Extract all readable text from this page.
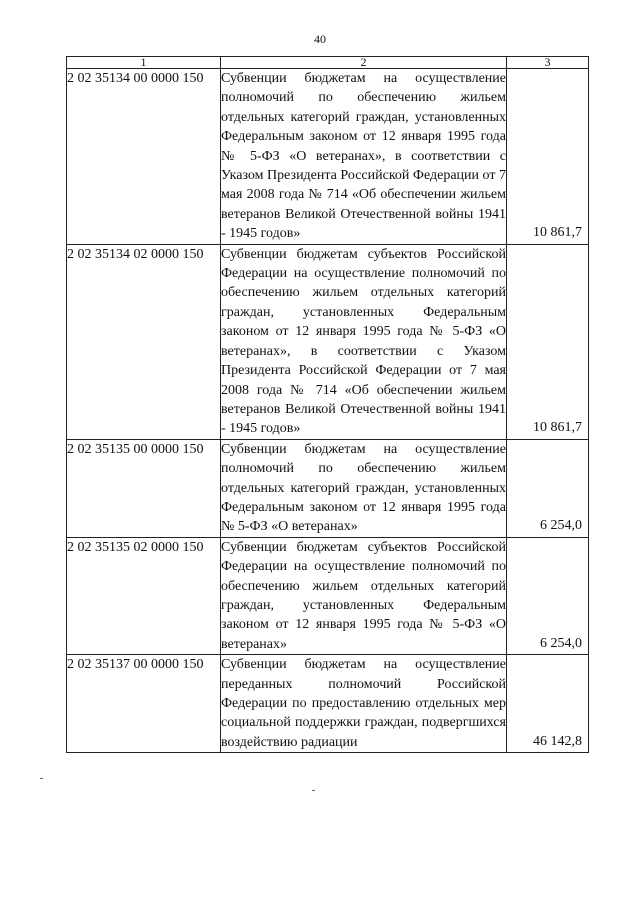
40
1	2	3
2 02 35134 00 0000 150	Субвенции бюджетам на осуществление полномочий по обеспечению жильем отдельных категорий граждан, установленных Федеральным законом от 12 января 1995 года № 5-ФЗ «О ветеранах», в соответствии с Указом Президента Российской Федерации от 7 мая 2008 года № 714 «Об обеспечении жильем ветеранов Великой Отечественной войны 1941 - 1945 годов»	10 861,7

2 02 35134 02 0000 150	Субвенции бюджетам субъектов Российской Федерации на осуществление полномочий по обеспечению жильем отдельных категорий граждан, установленных Федеральным законом от 12 января 1995 года № 5-ФЗ «О ветеранах», в соответствии с Указом Президента Российской Федерации от 7 мая 2008 года № 714 «Об обеспечении жильем ветеранов Великой Отечественной войны 1941 - 1945 годов»	10 861,7

2 02 35135 00 0000 150	Субвенции бюджетам на осуществление полномочий по обеспечению жильем отдельных категорий граждан, установленных Федеральным законом от 12 января 1995 года № 5-ФЗ «О ветеранах»	6 254,0

2 02 35135 02 0000 150	Субвенции бюджетам субъектов Российской Федерации на осуществление полномочий по обеспечению жильем отдельных категорий граждан, установленных Федеральным законом от 12 января 1995 года № 5-ФЗ «О ветеранах»	6 254,0

2 02 35137 00 0000 150	Субвенции бюджетам на осуществление переданных полномочий Российской Федерации по предоставлению отдельных мер социальной поддержки граждан, подвергшихся воздействию радиации	46 142,8
